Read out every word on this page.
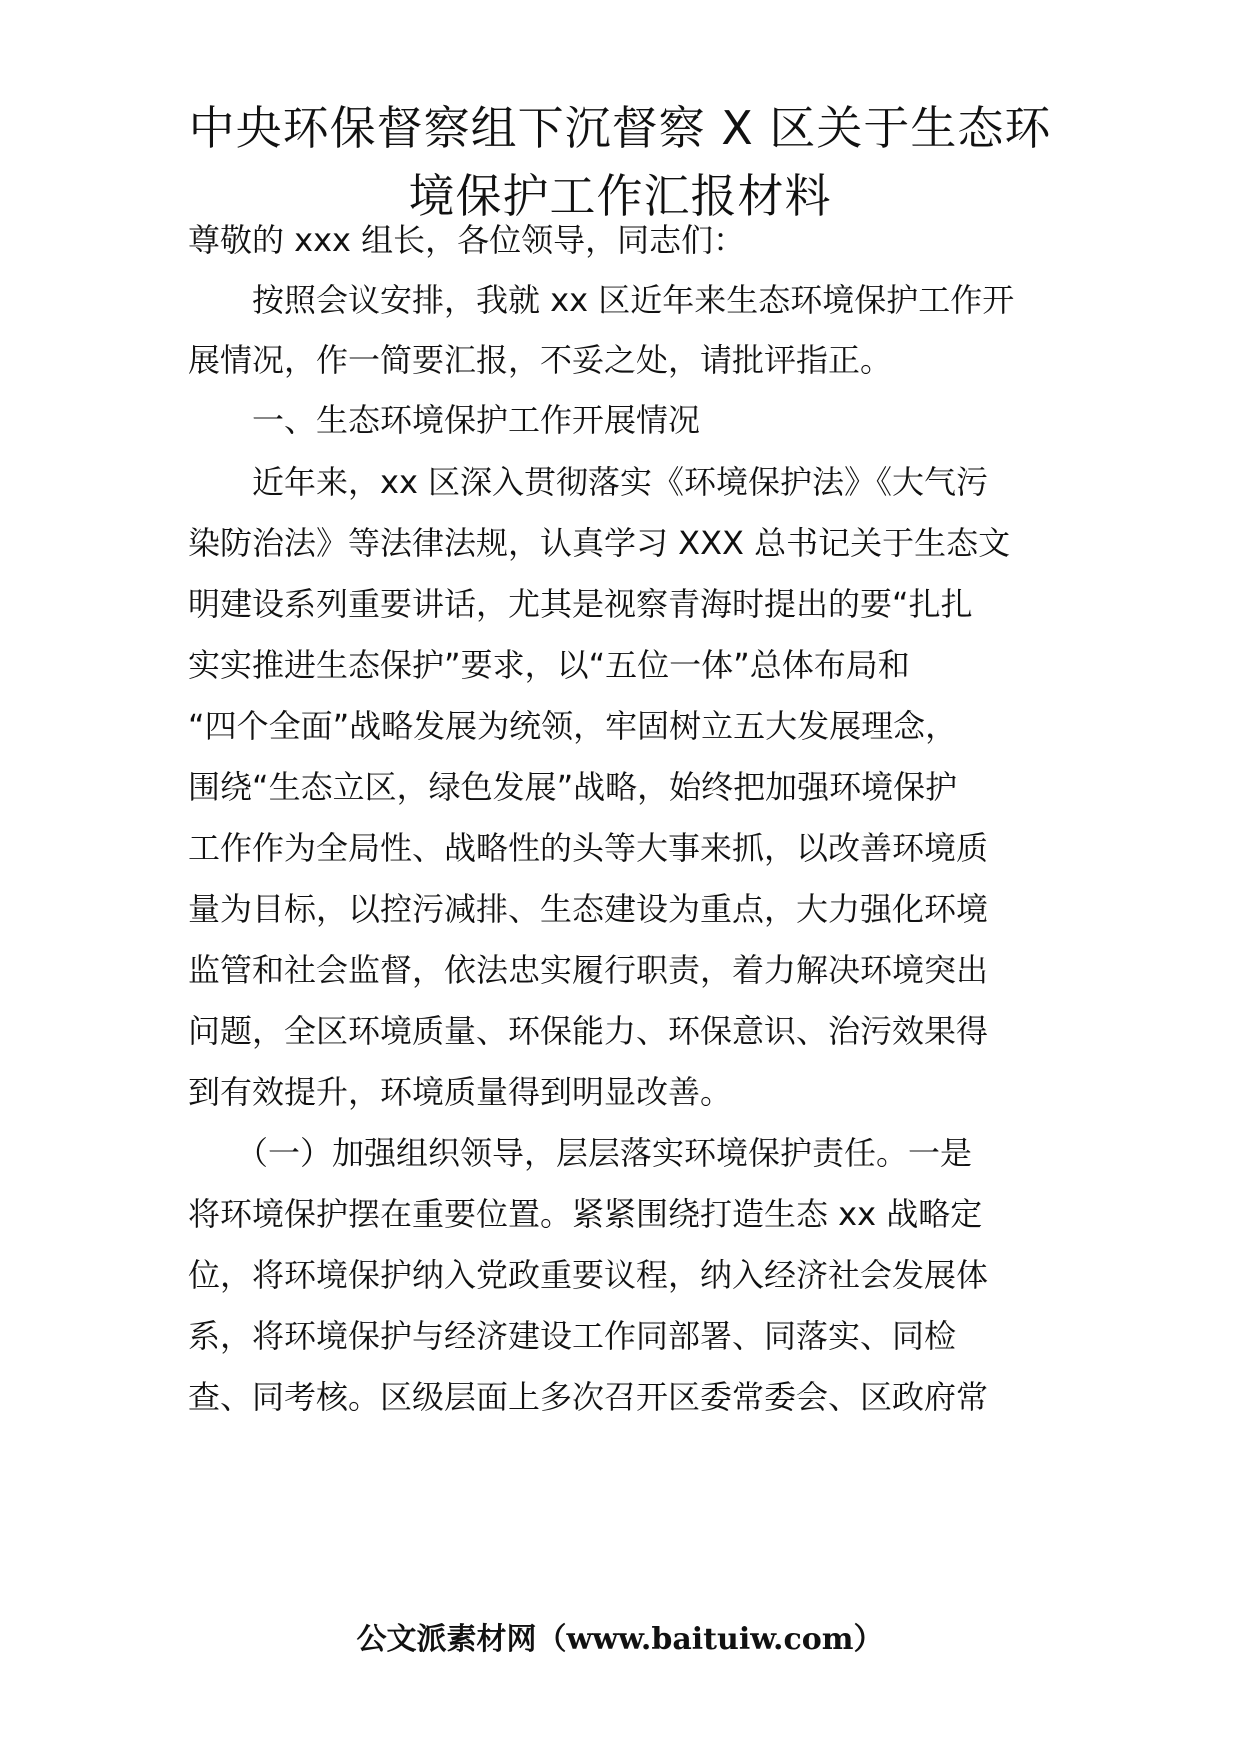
中央环保督察组下沉督察 X 区关于生态环
境保护工作汇报材料
尊敬的 xxx 组长，各位领导，同志们：
　　按照会议安排，我就 xx 区近年来生态环境保护工作开
展情况，作一简要汇报，不妥之处，请批评指正。
　　一、生态环境保护工作开展情况
　　近年来，xx 区深入贯彻落实《环境保护法》《大气污
染防治法》等法律法规，认真学习 XXX 总书记关于生态文
明建设系列重要讲话，尤其是视察青海时提出的要“扎扎
实实推进生态保护”要求，以“五位一体”总体布局和
“四个全面”战略发展为统领，牢固树立五大发展理念，
围绕“生态立区，绿色发展”战略，始终把加强环境保护
工作作为全局性、战略性的头等大事来抓，以改善环境质
量为目标，以控污减排、生态建设为重点，大力强化环境
监管和社会监督，依法忠实履行职责，着力解决环境突出
问题，全区环境质量、环保能力、环保意识、治污效果得
到有效提升，环境质量得到明显改善。
　　（一）加强组织领导，层层落实环境保护责任。一是
将环境保护摆在重要位置。紧紧围绕打造生态 xx 战略定
位，将环境保护纳入党政重要议程，纳入经济社会发展体
系，将环境保护与经济建设工作同部署、同落实、同检
查、同考核。区级层面上多次召开区委常委会、区政府常
公文派素材网（www.baituiw.com）
